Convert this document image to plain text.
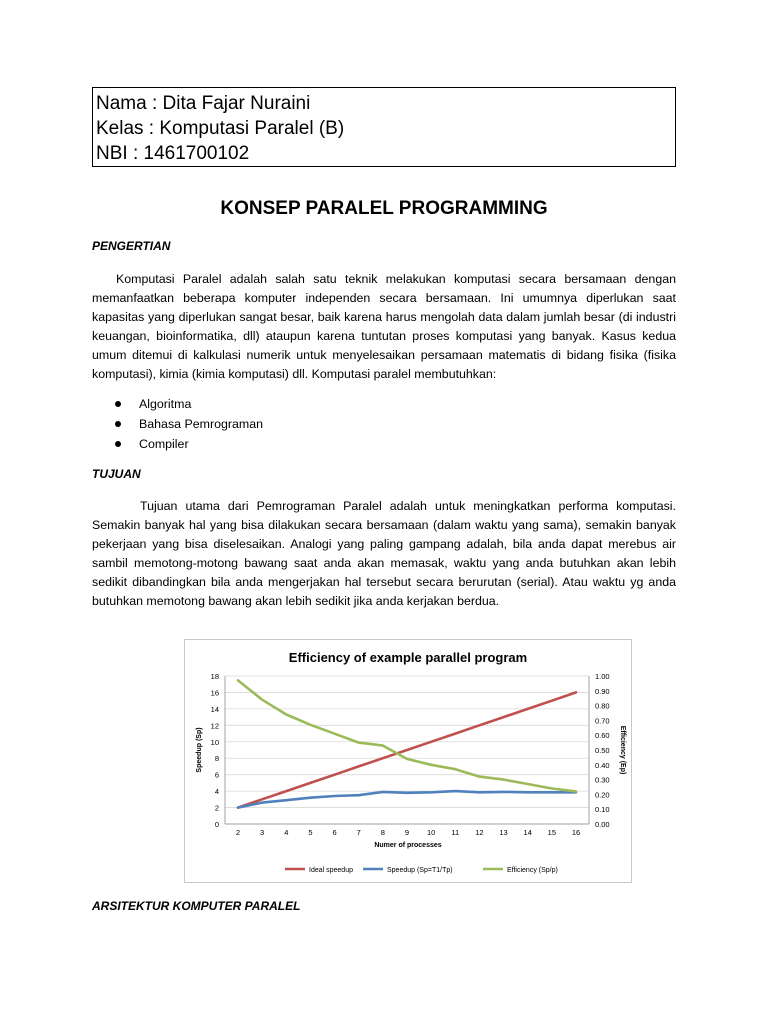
Nama : Dita Fajar Nuraini
Kelas : Komputasi Paralel (B)
NBI : 1461700102
KONSEP PARALEL PROGRAMMING
PENGERTIAN
Komputasi Paralel adalah salah satu teknik melakukan komputasi secara bersamaan dengan memanfaatkan beberapa komputer independen secara bersamaan. Ini umumnya diperlukan saat kapasitas yang diperlukan sangat besar, baik karena harus mengolah data dalam jumlah besar (di industri keuangan, bioinformatika, dll) ataupun karena tuntutan proses komputasi yang banyak. Kasus kedua umum ditemui di kalkulasi numerik untuk menyelesaikan persamaan matematis di bidang fisika (fisika komputasi), kimia (kimia komputasi) dll. Komputasi paralel membutuhkan:
Algoritma
Bahasa Pemrograman
Compiler
TUJUAN
Tujuan utama dari Pemrograman Paralel adalah untuk meningkatkan performa komputasi. Semakin banyak hal yang bisa dilakukan secara bersamaan (dalam waktu yang sama), semakin banyak pekerjaan yang bisa diselesaikan. Analogi yang paling gampang adalah, bila anda dapat merebus air sambil memotong-motong bawang saat anda akan memasak, waktu yang anda butuhkan akan lebih sedikit dibandingkan bila anda mengerjakan hal tersebut secara berurutan (serial). Atau waktu yg anda butuhkan memotong bawang akan lebih sedikit jika anda kerjakan berdua.
Efficiency of example parallel program
0
2
4
6
8
10
12
14
16
18
0.00
0.10
0.20
0.30
0.40
0.50
0.60
0.70
0.80
0.90
1.00
2	3	4	5	6	7	8	9 10 11 12 13 14 15 16
Numer of processes
Speedup (Sp)	Efficiency (Ep)
Ideal speedup	Speedup (Sp=T1/Tp)	Efficiency (Sp/p)
ARSITEKTUR KOMPUTER PARALEL
